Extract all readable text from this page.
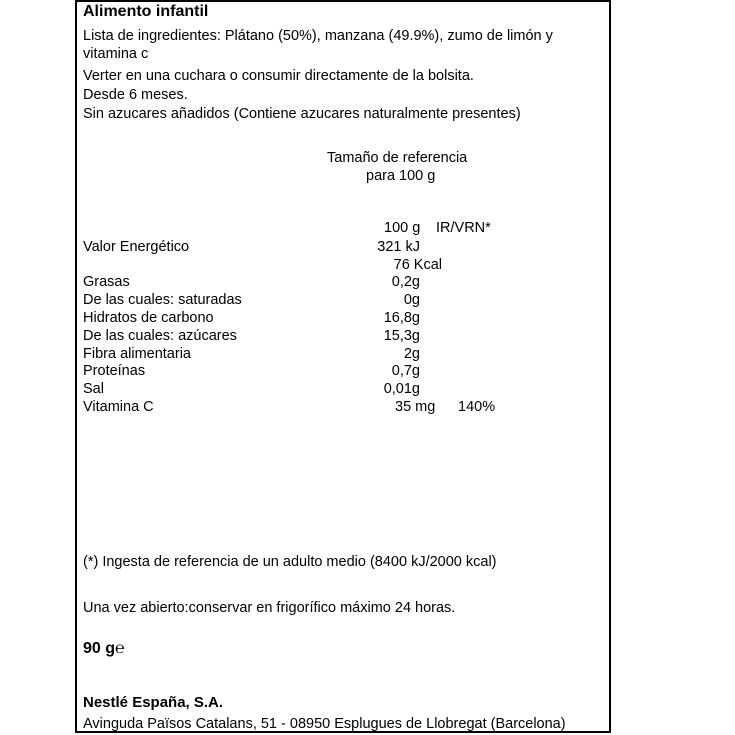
Alimento infantil
Lista de ingredientes: Plátano (50%), manzana (49.9%), zumo de limón y
vitamina c
Verter en una cuchara o consumir directamente de la bolsita.
Desde 6 meses.
Sin azucares añadidos (Contiene azucares naturalmente presentes)
Tamaño de referencia
para 100 g
100 g IR/VRN*
Valor Energético	321 kJ
76 Kcal
Grasas	0,2g
De las cuales: saturadas	0g
Hidratos de carbono	16,8g
De las cuales: azúcares	15,3g
Fibra alimentaria	2g
Proteínas	0,7g
Sal	0,01g
Vitamina C	35 mg 140%
(*) Ingesta de referencia de un adulto medio (8400 kJ/2000 kcal)
Una vez abierto:conservar en frigorífico máximo 24 horas.
90 g℮
Nestlé España, S.A.
Avinguda Països Catalans, 51 - 08950 Esplugues de Llobregat (Barcelona)
